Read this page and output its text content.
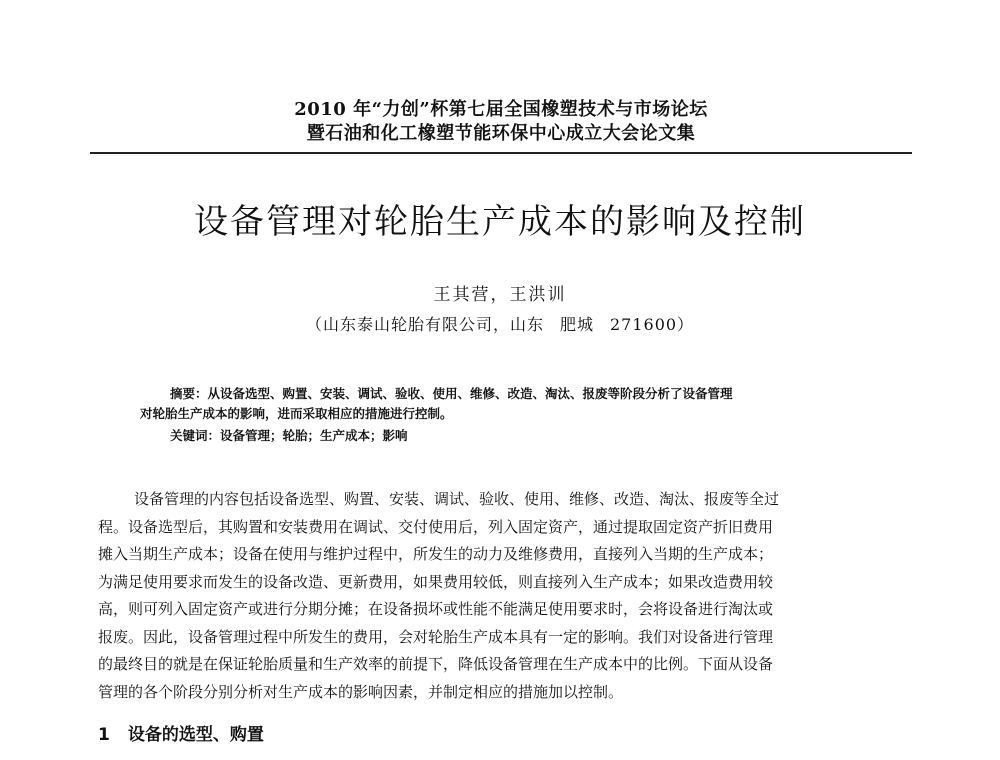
2010 年“力创”杯第七届全国橡塑技术与市场论坛
暨石油和化工橡塑节能环保中心成立大会论文集
设备管理对轮胎生产成本的影响及控制
王其营，王洪训
（山东泰山轮胎有限公司，山东 肥城 271600）
摘要：从设备选型、购置、安装、调试、验收、使用、维修、改造、淘汰、报废等阶段分析了设备管理
对轮胎生产成本的影响，进而采取相应的措施进行控制。
关键词：设备管理；轮胎；生产成本；影响
设备管理的内容包括设备选型、购置、安装、调试、验收、使用、维修、改造、淘汰、报废等全过
程。设备选型后，其购置和安装费用在调试、交付使用后，列入固定资产，通过提取固定资产折旧费用
摊入当期生产成本；设备在使用与维护过程中，所发生的动力及维修费用，直接列入当期的生产成本；
为满足使用要求而发生的设备改造、更新费用，如果费用较低，则直接列入生产成本；如果改造费用较
高，则可列入固定资产或进行分期分摊；在设备损坏或性能不能满足使用要求时，会将设备进行淘汰或
报废。因此，设备管理过程中所发生的费用，会对轮胎生产成本具有一定的影响。我们对设备进行管理
的最终目的就是在保证轮胎质量和生产效率的前提下，降低设备管理在生产成本中的比例。下面从设备
管理的各个阶段分别分析对生产成本的影响因素，并制定相应的措施加以控制。
1 设备的选型、购置
